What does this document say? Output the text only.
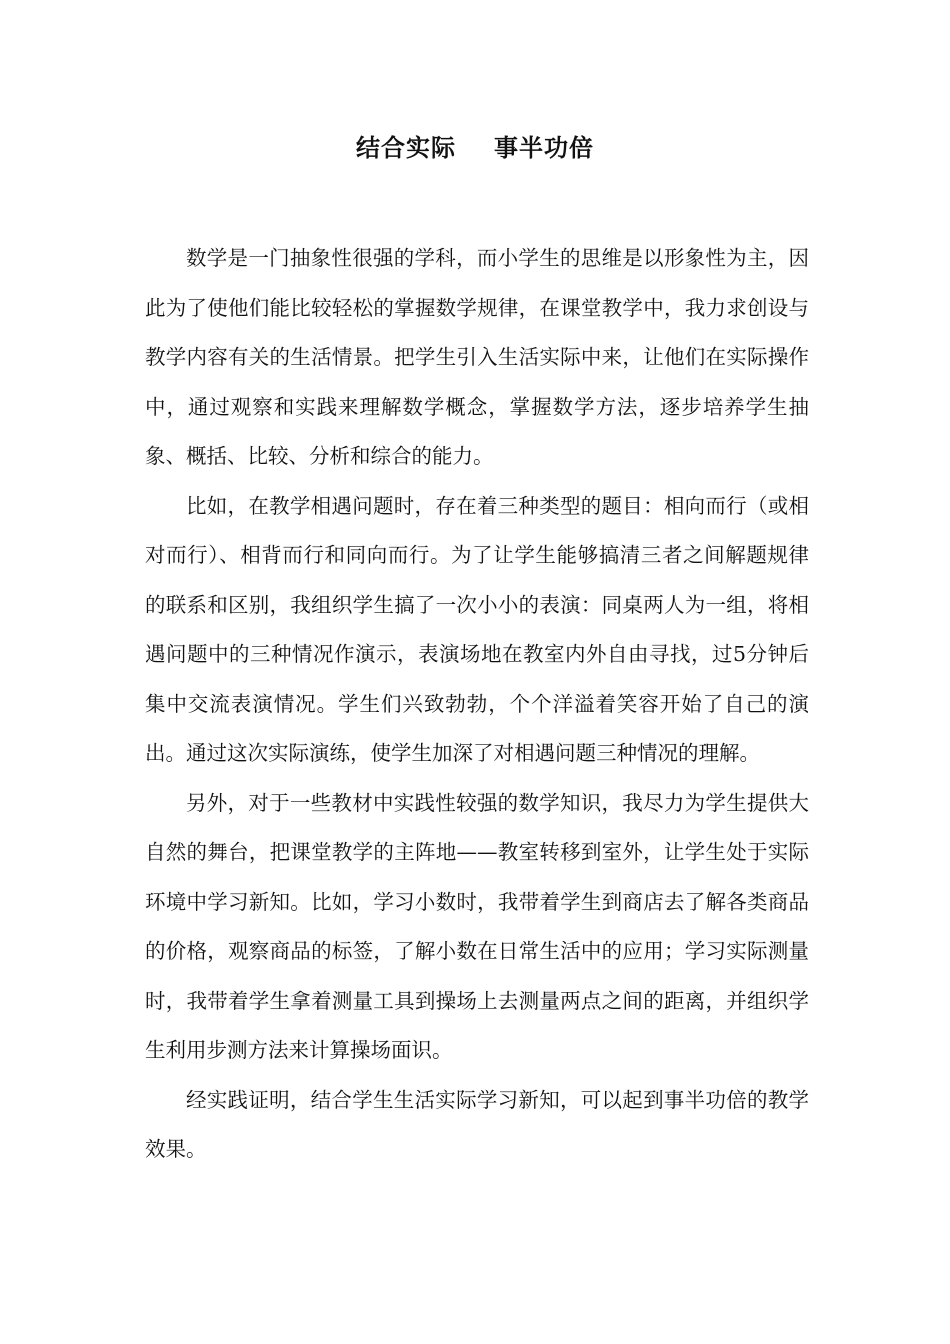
结合实际 事半功倍

数学是一门抽象性很强的学科，而小学生的思维是以形象性为主，因此为了使他们能比较轻松的掌握数学规律，在课堂教学中，我力求创设与教学内容有关的生活情景。把学生引入生活实际中来，让他们在实际操作中，通过观察和实践来理解数学概念，掌握数学方法，逐步培养学生抽象、概括、比较、分析和综合的能力。

比如，在教学相遇问题时，存在着三种类型的题目：相向而行（或相对而行）、相背而行和同向而行。为了让学生能够搞清三者之间解题规律的联系和区别，我组织学生搞了一次小小的表演：同桌两人为一组，将相遇问题中的三种情况作演示，表演场地在教室内外自由寻找，过5分钟后集中交流表演情况。学生们兴致勃勃，个个洋溢着笑容开始了自己的演出。通过这次实际演练，使学生加深了对相遇问题三种情况的理解。

另外，对于一些教材中实践性较强的数学知识，我尽力为学生提供大自然的舞台，把课堂教学的主阵地——教室转移到室外，让学生处于实际环境中学习新知。比如，学习小数时，我带着学生到商店去了解各类商品的价格，观察商品的标签，了解小数在日常生活中的应用；学习实际测量时，我带着学生拿着测量工具到操场上去测量两点之间的距离，并组织学生利用步测方法来计算操场面识。

经实践证明，结合学生生活实际学习新知，可以起到事半功倍的教学效果。
